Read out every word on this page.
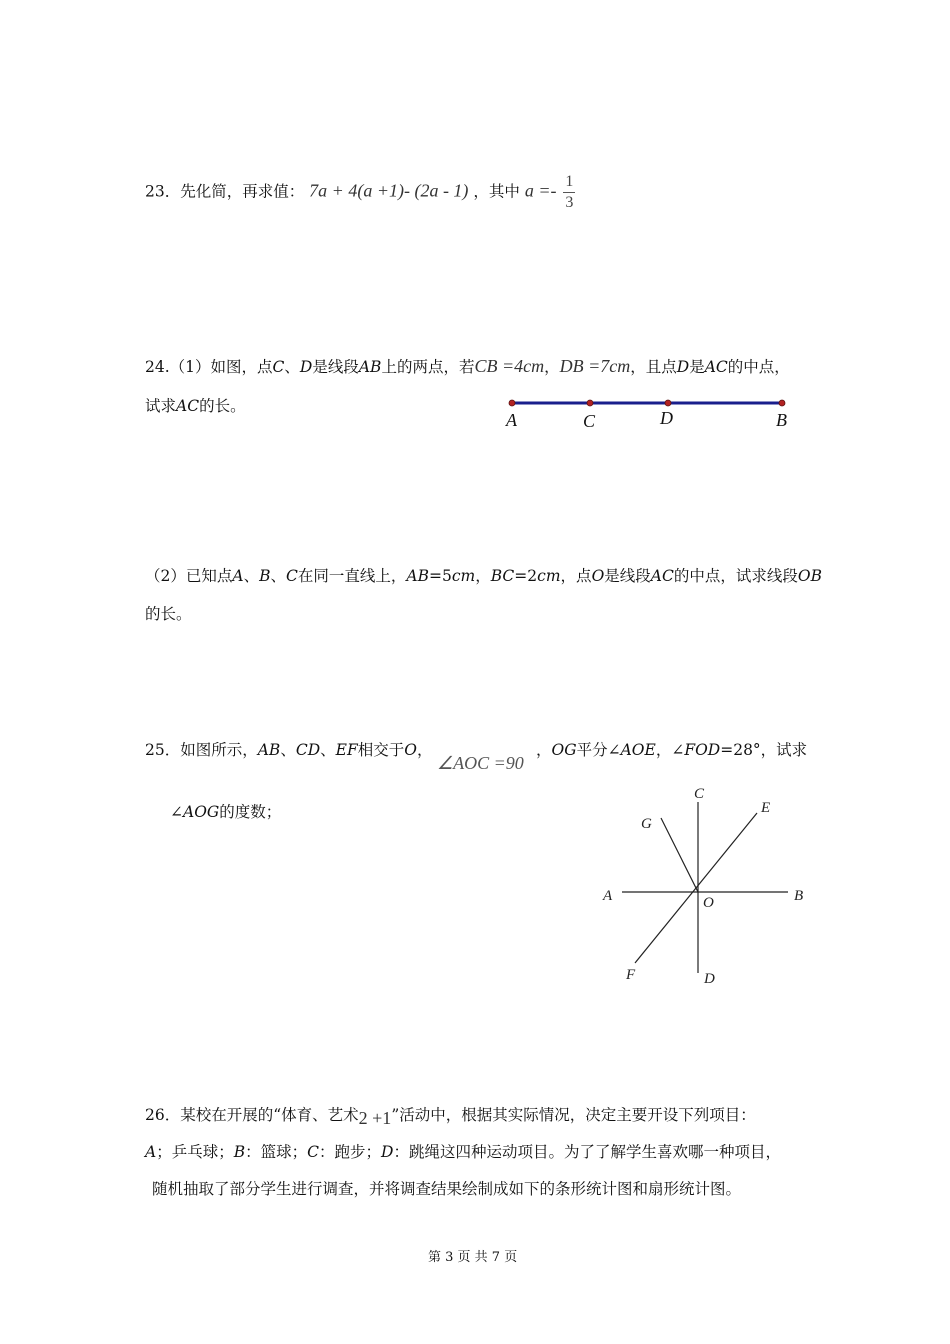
23．先化简，再求值： 7a + 4(a +1)- (2a - 1) ，其中 $a =- \frac{1}{3}$
24.（1）如图，点C、D是线段AB上的两点，若CB =4cm，DB =7cm，且点D是AC的中点，
试求AC的长。
A	C	D	B
（2）已知点A、B、C在同一直线上，AB=5cm，BC=2cm，点O是线段AC的中点，试求线段OB
的长。
25．如图所示，AB、CD、EF相交于O，
∠AOC =90
，OG平分∠AOE，∠FOD=28°，试求
∠AOG的度数；
C
E
G
A	O	B
F	D
26．某校在开展的“体育、艺术2 +1”活动中，根据其实际情况，决定主要开设下列项目：
A；乒乓球；B：篮球；C：跑步；D：跳绳这四种运动项目。为了了解学生喜欢哪一种项目，
随机抽取了部分学生进行调查，并将调查结果绘制成如下的条形统计图和扇形统计图。
第 3 页 共 7 页
